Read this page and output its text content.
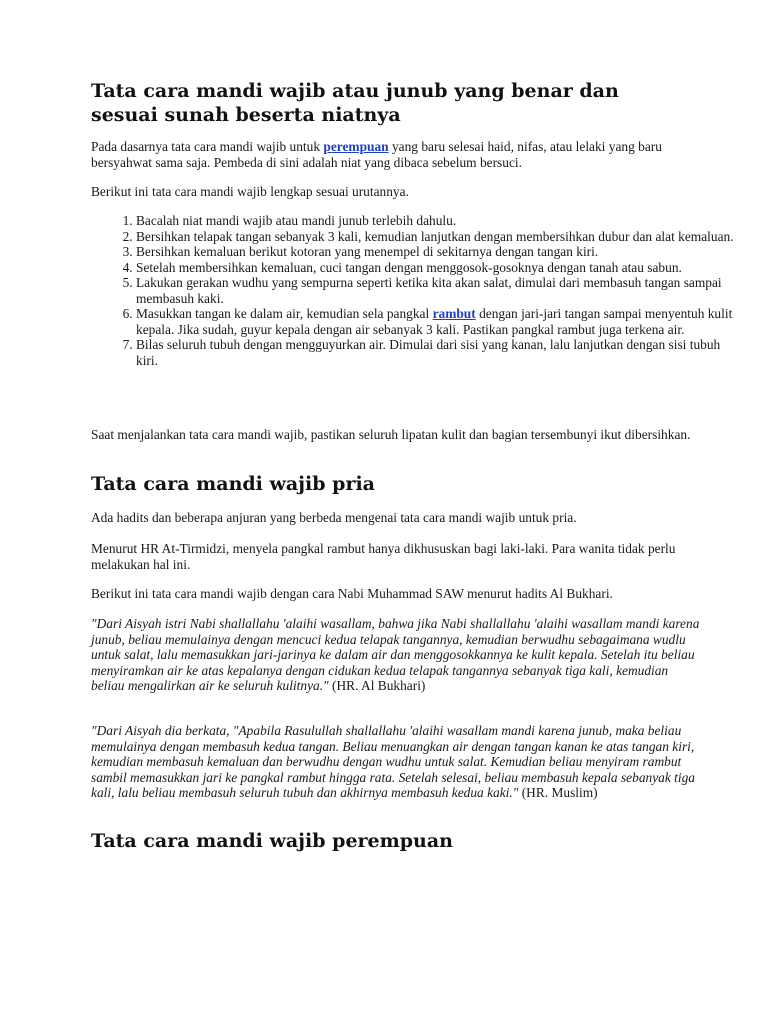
Tata cara mandi wajib atau junub yang benar dan sesuai sunah beserta niatnya

Pada dasarnya tata cara mandi wajib untuk perempuan yang baru selesai haid, nifas, atau lelaki yang baru bersyahwat sama saja. Pembeda di sini adalah niat yang dibaca sebelum bersuci.

Berikut ini tata cara mandi wajib lengkap sesuai urutannya.

1. Bacalah niat mandi wajib atau mandi junub terlebih dahulu.
2. Bersihkan telapak tangan sebanyak 3 kali, kemudian lanjutkan dengan membersihkan dubur dan alat kemaluan.
3. Bersihkan kemaluan berikut kotoran yang menempel di sekitarnya dengan tangan kiri.
4. Setelah membersihkan kemaluan, cuci tangan dengan menggosok-gosoknya dengan tanah atau sabun.
5. Lakukan gerakan wudhu yang sempurna seperti ketika kita akan salat, dimulai dari membasuh tangan sampai membasuh kaki.
6. Masukkan tangan ke dalam air, kemudian sela pangkal rambut dengan jari-jari tangan sampai menyentuh kulit kepala. Jika sudah, guyur kepala dengan air sebanyak 3 kali. Pastikan pangkal rambut juga terkena air.
7. Bilas seluruh tubuh dengan mengguyurkan air. Dimulai dari sisi yang kanan, lalu lanjutkan dengan sisi tubuh kiri.

Saat menjalankan tata cara mandi wajib, pastikan seluruh lipatan kulit dan bagian tersembunyi ikut dibersihkan.

Tata cara mandi wajib pria

Ada hadits dan beberapa anjuran yang berbeda mengenai tata cara mandi wajib untuk pria.

Menurut HR At-Tirmidzi, menyela pangkal rambut hanya dikhususkan bagi laki-laki. Para wanita tidak perlu melakukan hal ini.

Berikut ini tata cara mandi wajib dengan cara Nabi Muhammad SAW menurut hadits Al Bukhari.

"Dari Aisyah istri Nabi shallallahu 'alaihi wasallam, bahwa jika Nabi shallallahu 'alaihi wasallam mandi karena junub, beliau memulainya dengan mencuci kedua telapak tangannya, kemudian berwudhu sebagaimana wudlu untuk salat, lalu memasukkan jari-jarinya ke dalam air dan menggosokkannya ke kulit kepala. Setelah itu beliau menyiramkan air ke atas kepalanya dengan cidukan kedua telapak tangannya sebanyak tiga kali, kemudian beliau mengalirkan air ke seluruh kulitnya." (HR. Al Bukhari)

"Dari Aisyah dia berkata, "Apabila Rasulullah shallallahu 'alaihi wasallam mandi karena junub, maka beliau memulainya dengan membasuh kedua tangan. Beliau menuangkan air dengan tangan kanan ke atas tangan kiri, kemudian membasuh kemaluan dan berwudhu dengan wudhu untuk salat. Kemudian beliau menyiram rambut sambil memasukkan jari ke pangkal rambut hingga rata. Setelah selesai, beliau membasuh kepala sebanyak tiga kali, lalu beliau membasuh seluruh tubuh dan akhirnya membasuh kedua kaki." (HR. Muslim)

Tata cara mandi wajib perempuan
